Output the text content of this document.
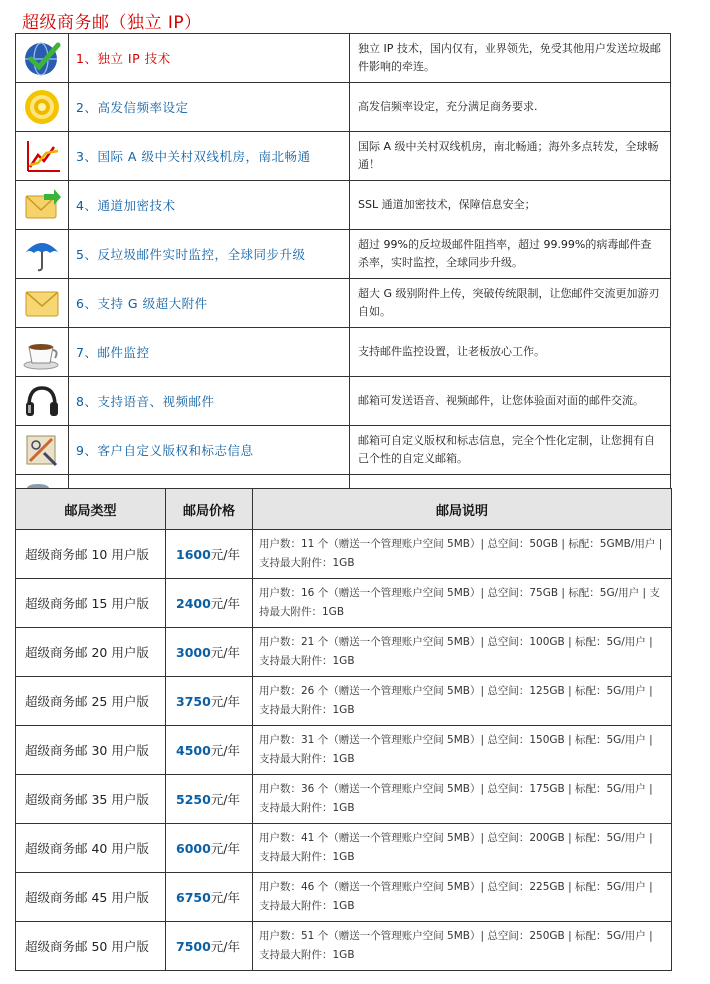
超级商务邮（独立 IP）
	1、独立 IP 技术	独立 IP 技术，国内仅有，业界领先，免受其他用户发送垃圾邮件影响的牵连。

	2、高发信频率设定	高发信频率设定，充分满足商务要求.

	3、国际 A 级中关村双线机房，南北畅通	国际 A 级中关村双线机房，南北畅通；海外多点转发，全球畅通！

	4、通道加密技术	SSL 通道加密技术，保障信息安全；

	5、反垃圾邮件实时监控，全球同步升级	超过 99%的反垃圾邮件阻挡率，超过 99.99%的病毒邮件查杀率，实时监控，全球同步升级。

	6、支持 G 级超大附件	超大 G 级别附件上传，突破传统限制，让您邮件交流更加游刃自如。

	7、邮件监控	支持邮件监控设置，让老板放心工作。

	8、支持语音、视频邮件	邮箱可发送语音、视频邮件，让您体验面对面的邮件交流。

	9、客户自定义版权和标志信息	邮箱可自定义版权和标志信息，完全个性化定制，让您拥有自己个性的自定义邮箱。

邮局类型	邮局价格	邮局说明
超级商务邮 10 用户版	1600元/年	用户数：11 个（赠送一个管理账户空间 5MB）| 总空间：50GB | 标配：5GMB/用户 | 支持最大附件：1GB
超级商务邮 15 用户版	2400元/年	用户数：16 个（赠送一个管理账户空间 5MB）| 总空间：75GB | 标配：5G/用户 | 支持最大附件：1GB
超级商务邮 20 用户版	3000元/年	用户数：21 个（赠送一个管理账户空间 5MB）| 总空间：100GB | 标配：5G/用户 | 支持最大附件：1GB
超级商务邮 25 用户版	3750元/年	用户数：26 个（赠送一个管理账户空间 5MB）| 总空间：125GB | 标配：5G/用户 | 支持最大附件：1GB
超级商务邮 30 用户版	4500元/年	用户数：31 个（赠送一个管理账户空间 5MB）| 总空间：150GB | 标配：5G/用户 | 支持最大附件：1GB
超级商务邮 35 用户版	5250元/年	用户数：36 个（赠送一个管理账户空间 5MB）| 总空间：175GB | 标配：5G/用户 | 支持最大附件：1GB
超级商务邮 40 用户版	6000元/年	用户数：41 个（赠送一个管理账户空间 5MB）| 总空间：200GB | 标配：5G/用户 | 支持最大附件：1GB
超级商务邮 45 用户版	6750元/年	用户数：46 个（赠送一个管理账户空间 5MB）| 总空间：225GB | 标配：5G/用户 | 支持最大附件：1GB
超级商务邮 50 用户版	7500元/年	用户数：51 个（赠送一个管理账户空间 5MB）| 总空间：250GB | 标配：5G/用户 | 支持最大附件：1GB
